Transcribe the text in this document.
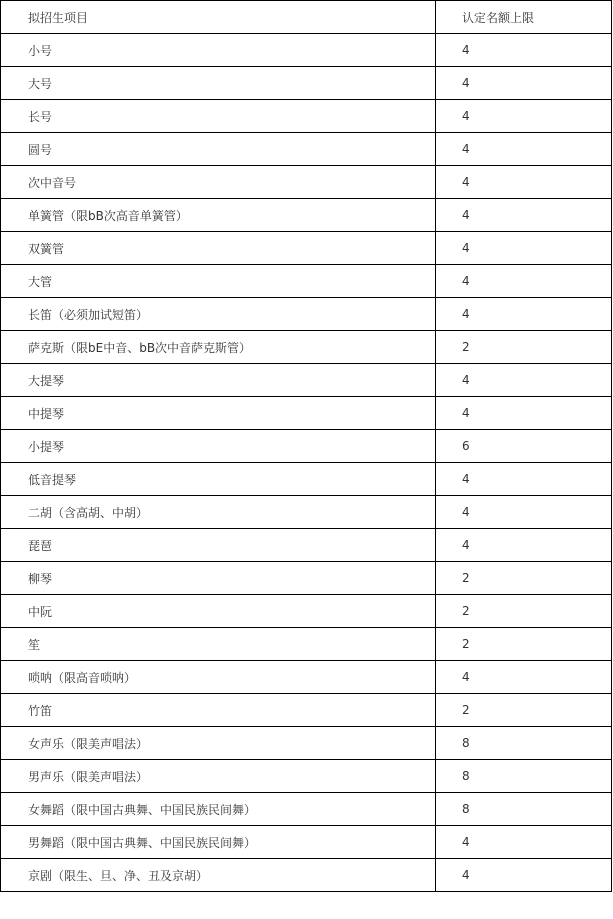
拟招生项目	认定名额上限
小号	4
大号	4
长号	4
圆号	4
次中音号	4
单簧管（限bB次高音单簧管）	4
双簧管	4
大管	4
长笛（必须加试短笛）	4
萨克斯（限bE中音、bB次中音萨克斯管）	2
大提琴	4
中提琴	4
小提琴	6
低音提琴	4
二胡（含高胡、中胡）	4
琵琶	4
柳琴	2
中阮	2
笙	2
唢呐（限高音唢呐）	4
竹笛	2
女声乐（限美声唱法）	8
男声乐（限美声唱法）	8
女舞蹈（限中国古典舞、中国民族民间舞）	8
男舞蹈（限中国古典舞、中国民族民间舞）	4
京剧（限生、旦、净、丑及京胡）	4
